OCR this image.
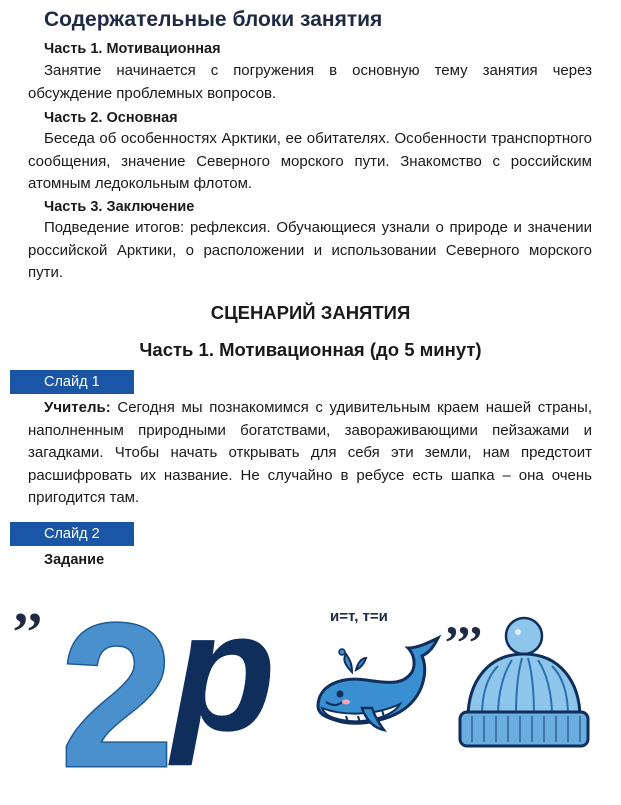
Содержательные блоки занятия
Часть 1. Мотивационная

Занятие начинается с погружения в основную тему занятия через обсуждение проблемных вопросов.

Часть 2. Основная

Беседа об особенностях Арктики, ее обитателях. Особенности транспортного сообщения, значение Северного морского пути. Знакомство с российским атомным ледокольным флотом.

Часть 3. Заключение

Подведение итогов: рефлексия. Обучающиеся узнали о природе и значении российской Арктики, о расположении и использовании Северного морского пути.

СЦЕНАРИЙ ЗАНЯТИЯ
Часть 1. Мотивационная (до 5 минут)
Слайд 1

Учитель: Сегодня мы познакомимся с удивительным краем нашей страны, наполненным природными богатствами, завораживающими пейзажами и загадками. Чтобы начать открывать для себя эти земли, нам предстоит расшифровать их название. Не случайно в ребусе есть шапка – она очень пригодится там.

Слайд 2
Задание
и=т, т=и
,, 2
р	,,,
